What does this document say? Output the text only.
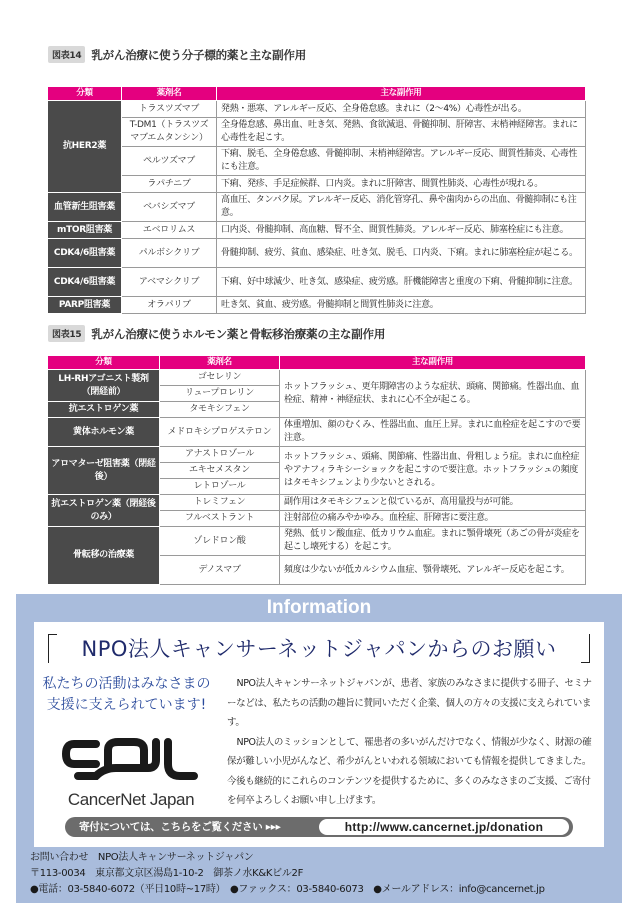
図表14 乳がん治療に使う分子標的薬と主な副作用
分類	薬剤名	主な副作用
抗HER2薬	トラスツズマブ	発熱・悪寒、アレルギー反応、全身倦怠感。まれに（2～4%）心毒性が出る。
	T-DM1（トラスツズマブエムタンシン）	全身倦怠感、鼻出血、吐き気、発熱、食欲減退、骨髄抑制、肝障害、末梢神経障害。まれに心毒性を起こす。
	ペルツズマブ	下痢、脱毛、全身倦怠感、骨髄抑制、末梢神経障害。アレルギー反応、間質性肺炎、心毒性にも注意。
	ラパチニブ	下痢、発疹、手足症候群、口内炎。まれに肝障害、間質性肺炎、心毒性が現れる。
血管新生阻害薬	ベバシズマブ	高血圧、タンパク尿。アレルギー反応、消化管穿孔、鼻や歯肉からの出血、骨髄抑制にも注意。
mTOR阻害薬	エベロリムス	口内炎、骨髄抑制、高血糖、腎不全、間質性肺炎。アレルギー反応、肺塞栓症にも注意。
CDK4/6阻害薬	パルボシクリブ	骨髄抑制、疲労、貧血、感染症、吐き気、脱毛、口内炎、下痢。まれに肺塞栓症が起こる。
CDK4/6阻害薬	アベマシクリブ	下痢、好中球減少、吐き気、感染症、疲労感。肝機能障害と重度の下痢、骨髄抑制に注意。
PARP阻害薬	オラパリブ	吐き気、貧血、疲労感。骨髄抑制と間質性肺炎に注意。
図表15 乳がん治療に使うホルモン薬と骨転移治療薬の主な副作用
分類	薬剤名	主な副作用
LH-RHアゴニスト製剤（閉経前）	ゴセレリン	ホットフラッシュ、更年期障害のような症状、頭痛、関節痛。性器出血、血栓症、精神・神経症状、まれに心不全が起こる。
	リュープロレリン	
抗エストロゲン薬	タモキシフェン	
黄体ホルモン薬	メドロキシプロゲステロン	体重増加、顔のむくみ、性器出血、血圧上昇。まれに血栓症を起こすので要注意。
アロマターゼ阻害薬（閉経後）	アナストロゾール	ホットフラッシュ、頭痛、関節痛、性器出血、骨粗しょう症。まれに血栓症やアナフィラキシーショックを起こすので要注意。ホットフラッシュの頻度はタモキシフェンより少ないとされる。
	エキセメスタン	
	レトロゾール	
抗エストロゲン薬（閉経後のみ）	トレミフェン	副作用はタモキシフェンと似ているが、高用量投与が可能。
	フルベストラント	注射部位の痛みやかゆみ。血栓症、肝障害に要注意。
骨転移の治療薬	ゾレドロン酸	発熱、低リン酸血症、低カリウム血症。まれに顎骨壊死（あごの骨が炎症を起こし壊死する）を起こす。
	デノスマブ	頻度は少ないが低カルシウム血症、顎骨壊死、アレルギー反応を起こす。
Information
NPO法人キャンサーネットジャパンからのお願い
私たちの活動はみなさまの
支援に支えられています!
CancerNet Japan

NPO法人キャンサーネットジャパンが、患者、家族のみなさまに提供する冊子、セミナーなどは、私たちの活動の趣旨に賛同いただく企業、個人の方々の支援に支えられています。

NPO法人のミッションとして、罹患者の多いがんだけでなく、情報が少なく、財源の確保が難しい小児がんなど、希少がんといわれる領域においても情報を提供してきました。今後も継続的にこれらのコンテンツを提供するために、多くのみなさまのご支援、ご寄付を何卒よろしくお願い申し上げます。

寄付については、こちらをご覧ください ▸▸▸	http://www.cancernet.jp/donation
お問い合わせ　NPO法人キャンサーネットジャパン
〒113-0034　東京都文京区湯島1-10-2　御茶ノ水K&Kビル2F
●電話：03-5840-6072（平日10時~17時）　●ファックス：03-5840-6073　●メールアドレス：info@cancernet.jp
